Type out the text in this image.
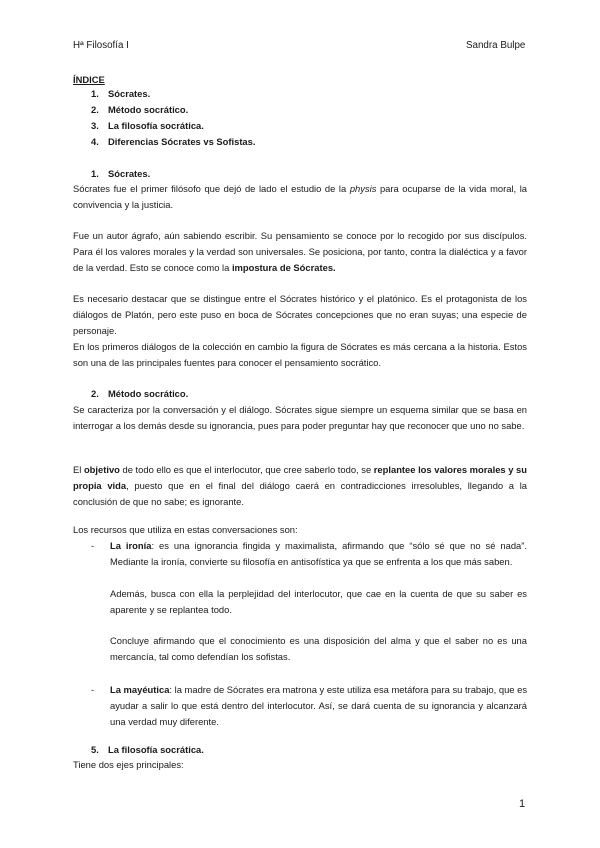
Hª Filosofía I	Sandra Bulpe
ÍNDICE
1. Sócrates.
2. Método socrático.
3. La filosofía socrática.
4. Diferencias Sócrates vs Sofistas.
1. Sócrates.

Sócrates fue el primer filósofo que dejó de lado el estudio de la physis para ocuparse de la vida moral, la convivencia y la justicia.

Fue un autor ágrafo, aún sabiendo escribir. Su pensamiento se conoce por lo recogido por sus discípulos. Para él los valores morales y la verdad son universales. Se posiciona, por tanto, contra la dialéctica y a favor de la verdad. Esto se conoce como la impostura de Sócrates.

Es necesario destacar que se distingue entre el Sócrates histórico y el platónico. Es el protagonista de los diálogos de Platón, pero este puso en boca de Sócrates concepciones que no eran suyas; una especie de personaje.

En los primeros diálogos de la colección en cambio la figura de Sócrates es más cercana a la historia. Estos son una de las principales fuentes para conocer el pensamiento socrático.

2. Método socrático.

Se caracteriza por la conversación y el diálogo. Sócrates sigue siempre un esquema similar que se basa en interrogar a los demás desde su ignorancia, pues para poder preguntar hay que reconocer que uno no sabe.

El objetivo de todo ello es que el interlocutor, que cree saberlo todo, se replantee los valores morales y su propia vida, puesto que en el final del diálogo caerá en contradicciones irresolubles, llegando a la conclusión de que no sabe; es ignorante.

Los recursos que utiliza en estas conversaciones son:

- La ironía: es una ignorancia fingida y maximalista, afirmando que “sólo sé que no sé nada”. Mediante la ironía, convierte su filosofía en antisofística ya que se enfrenta a los que más saben.

Además, busca con ella la perplejidad del interlocutor, que cae en la cuenta de que su saber es aparente y se replantea todo.

Concluye afirmando que el conocimiento es una disposición del alma y que el saber no es una mercancía, tal como defendían los sofistas.

- La mayéutica: la madre de Sócrates era matrona y este utiliza esa metáfora para su trabajo, que es ayudar a salir lo que está dentro del interlocutor. Así, se dará cuenta de su ignorancia y alcanzará una verdad muy diferente.

5. La filosofía socrática.

Tiene dos ejes principales:

1
